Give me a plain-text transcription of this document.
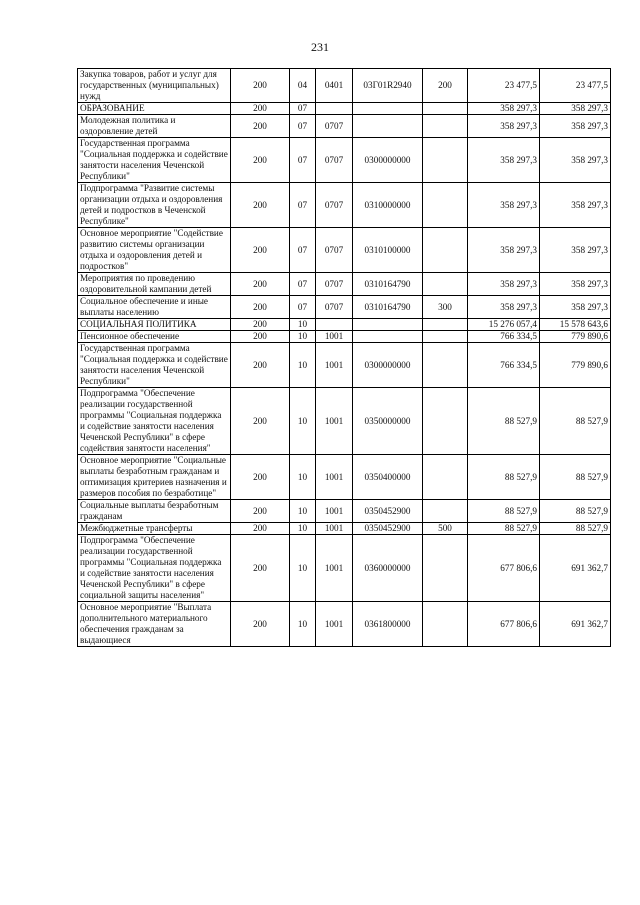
231
Закупка товаров, работ и услуг для государственных (муниципальных) нужд	200	04	0401	03Г01R2940	200	23 477,5	23 477,5
ОБРАЗОВАНИЕ	200	07				358 297,3	358 297,3
Молодежная политика и оздоровление детей	200	07	0707			358 297,3	358 297,3
Государственная программа "Социальная поддержка и содействие занятости населения Чеченской Республики"	200	07	0707	0300000000		358 297,3	358 297,3
Подпрограмма "Развитие системы организации отдыха и оздоровления детей и подростков в Чеченской Республике"	200	07	0707	0310000000		358 297,3	358 297,3
Основное мероприятие "Содействие развитию системы организации отдыха и оздоровления детей и подростков"	200	07	0707	0310100000		358 297,3	358 297,3
Мероприятия по проведению оздоровительной кампании детей	200	07	0707	0310164790		358 297,3	358 297,3
Социальное обеспечение и иные выплаты населению	200	07	0707	0310164790	300	358 297,3	358 297,3
СОЦИАЛЬНАЯ ПОЛИТИКА	200	10				15 276 057,4	15 578 643,6
Пенсионное обеспечение	200	10	1001			766 334,5	779 890,6
Государственная программа "Социальная поддержка и содействие занятости населения Чеченской Республики"	200	10	1001	0300000000		766 334,5	779 890,6
Подпрограмма "Обеспечение реализации государственной программы "Социальная поддержка и содействие занятости населения Чеченской Республики" в сфере содействия занятости населения"	200	10	1001	0350000000		88 527,9	88 527,9
Основное мероприятие "Социальные выплаты безработным гражданам и оптимизация критериев назначения и размеров пособия по безработице"	200	10	1001	0350400000		88 527,9	88 527,9
Социальные выплаты безработным гражданам	200	10	1001	0350452900		88 527,9	88 527,9
Межбюджетные трансферты	200	10	1001	0350452900	500	88 527,9	88 527,9
Подпрограмма "Обеспечение реализации государственной программы "Социальная поддержка и содействие занятости населения Чеченской Республики" в сфере социальной защиты населения"	200	10	1001	0360000000		677 806,6	691 362,7
Основное мероприятие "Выплата дополнительного материального обеспечения гражданам за выдающиеся	200	10	1001	0361800000		677 806,6	691 362,7
